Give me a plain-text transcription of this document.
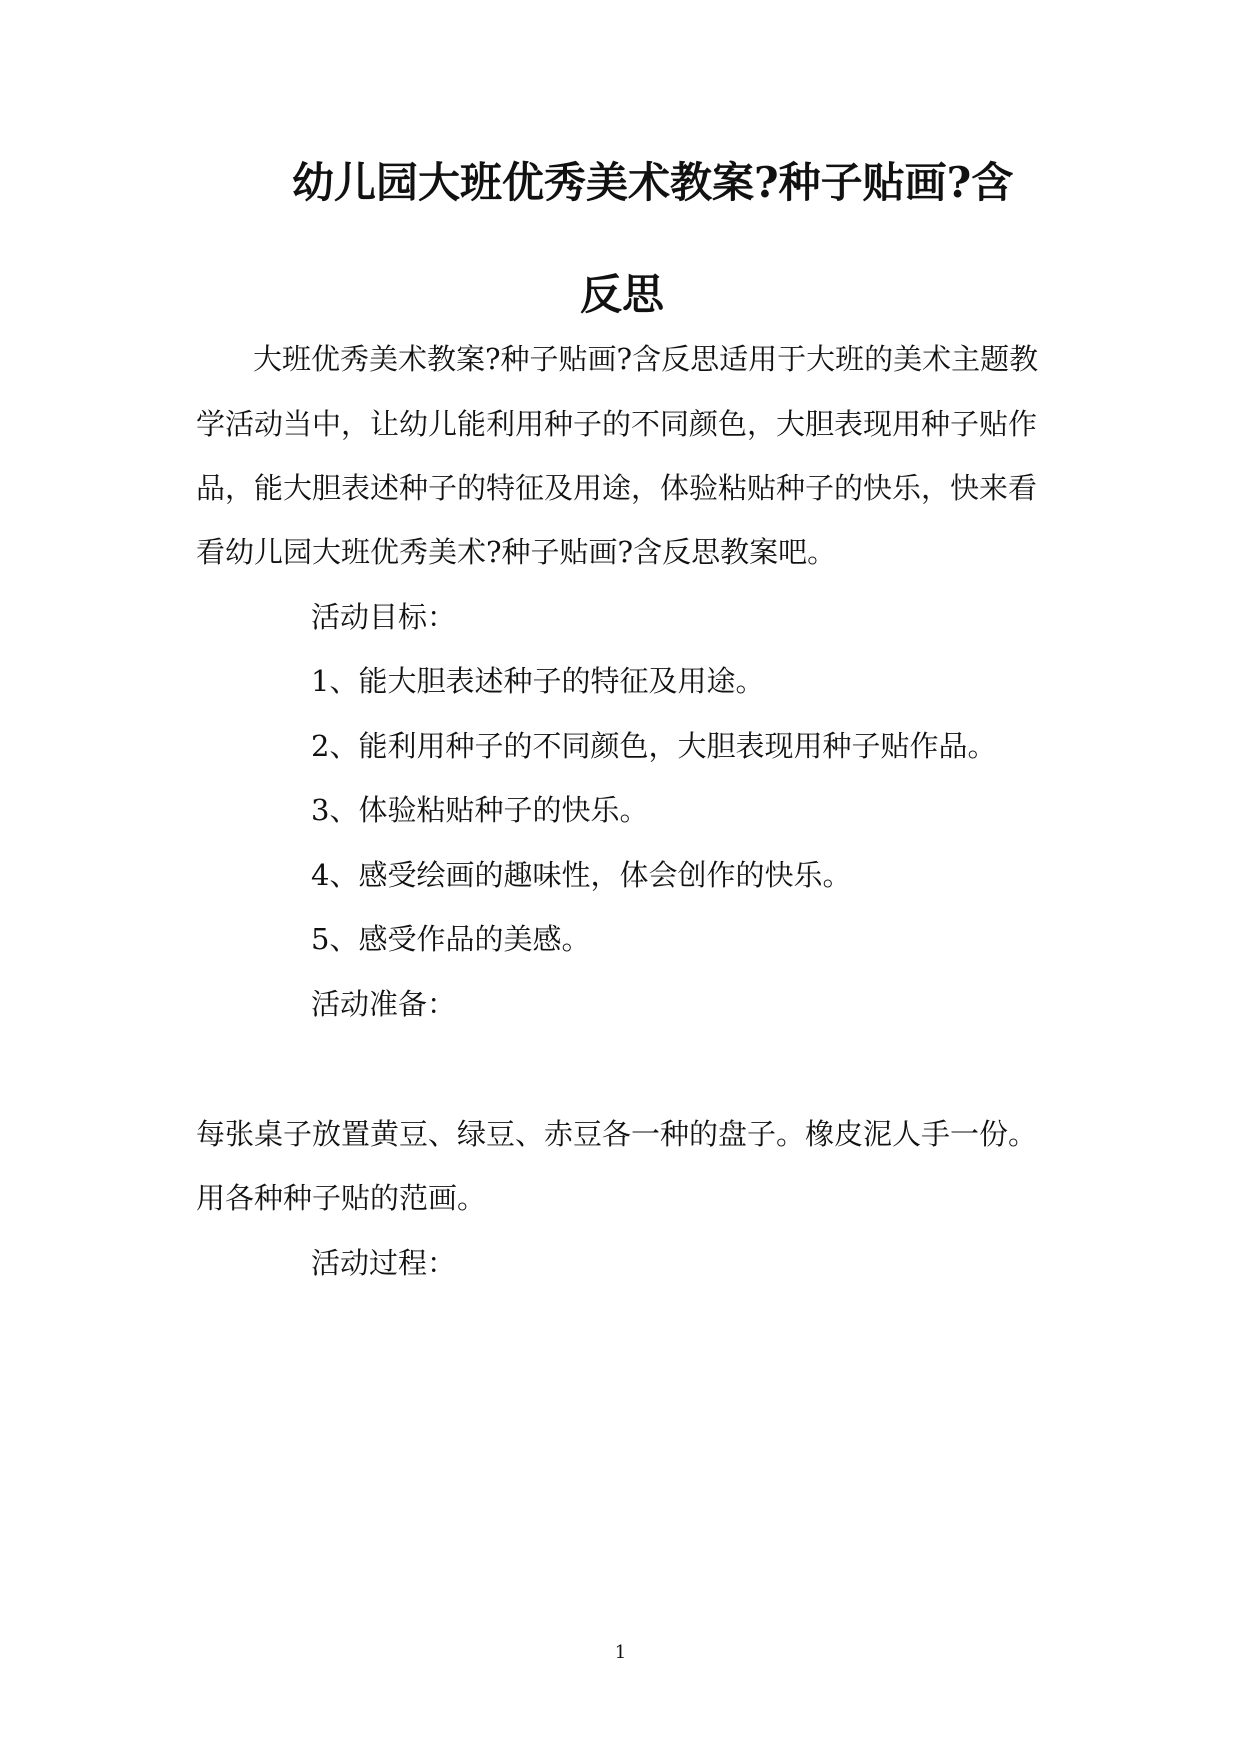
幼儿园大班优秀美术教案?种子贴画?含
反思

大班优秀美术教案?种子贴画?含反思适用于大班的美术主题教

学活动当中，让幼儿能利用种子的不同颜色，大胆表现用种子贴作

品，能大胆表述种子的特征及用途，体验粘贴种子的快乐，快来看

看幼儿园大班优秀美术?种子贴画?含反思教案吧。

活动目标：

1、能大胆表述种子的特征及用途。

2、能利用种子的不同颜色，大胆表现用种子贴作品。

3、体验粘贴种子的快乐。

4、感受绘画的趣味性，体会创作的快乐。

5、感受作品的美感。

活动准备：

每张桌子放置黄豆、绿豆、赤豆各一种的盘子。橡皮泥人手一份。

用各种种子贴的范画。

活动过程：

1
